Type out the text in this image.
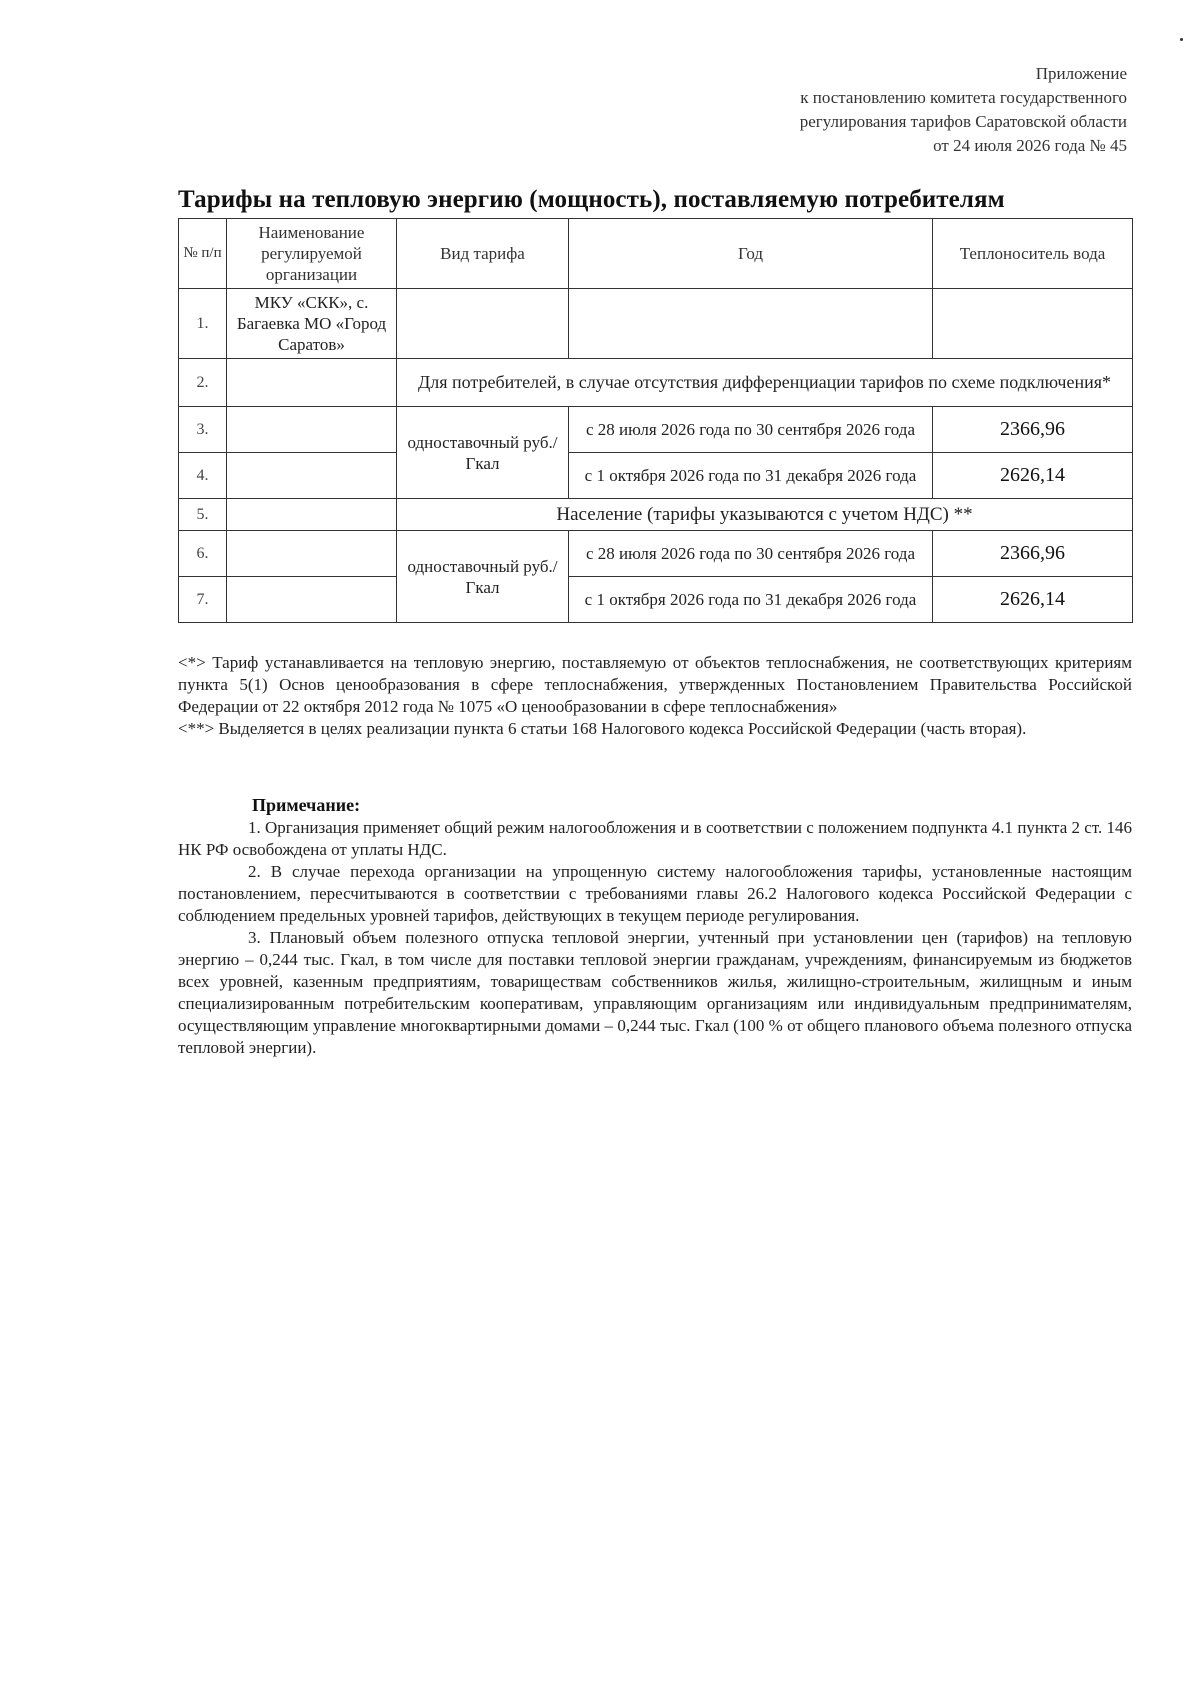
Приложение
к постановлению комитета государственного
регулирования тарифов Саратовской области
от 24 июля 2026 года № 45
Тарифы на тепловую энергию (мощность), поставляемую потребителям
№ п/п	Наименование регулируемой организации	Вид тарифа	Год	Теплоноситель вода
1.	МКУ «СКК», с. Багаевка МО «Город Саратов»			
2.		Для потребителей, в случае отсутствия дифференциации тарифов по схеме подключения*		
3.		одноставочный руб./Гкал	с 28 июля 2026 года по 30 сентября 2026 года	2366,96
4.			с 1 октября 2026 года по 31 декабря 2026 года	2626,14
5.		Население (тарифы указываются с учетом НДС) **		
6.		одноставочный руб./Гкал	с 28 июля 2026 года по 30 сентября 2026 года	2366,96
7.			с 1 октября 2026 года по 31 декабря 2026 года	2626,14

<*> Тариф устанавливается на тепловую энергию, поставляемую от объектов теплоснабжения, не соответствующих критериям пункта 5(1) Основ ценообразования в сфере теплоснабжения, утвержденных Постановлением Правительства Российской Федерации от 22 октября 2012 года № 1075 «О ценообразовании в сфере теплоснабжения»

<**> Выделяется в целях реализации пункта 6 статьи 168 Налогового кодекса Российской Федерации (часть вторая).

Примечание:

1. Организация применяет общий режим налогообложения и в соответствии с положением подпункта 4.1 пункта 2 ст. 146 НК РФ освобождена от уплаты НДС.

2. В случае перехода организации на упрощенную систему налогообложения тарифы, установленные настоящим постановлением, пересчитываются в соответствии с требованиями главы 26.2 Налогового кодекса Российской Федерации с соблюдением предельных уровней тарифов, действующих в текущем периоде регулирования.

3. Плановый объем полезного отпуска тепловой энергии, учтенный при установлении цен (тарифов) на тепловую энергию – 0,244 тыс. Гкал, в том числе для поставки тепловой энергии гражданам, учреждениям, финансируемым из бюджетов всех уровней, казенным предприятиям, товариществам собственников жилья, жилищно-строительным, жилищным и иным специализированным потребительским кооперативам, управляющим организациям или индивидуальным предпринимателям, осуществляющим управление многоквартирными домами – 0,244 тыс. Гкал (100 % от общего планового объема полезного отпуска тепловой энергии).
